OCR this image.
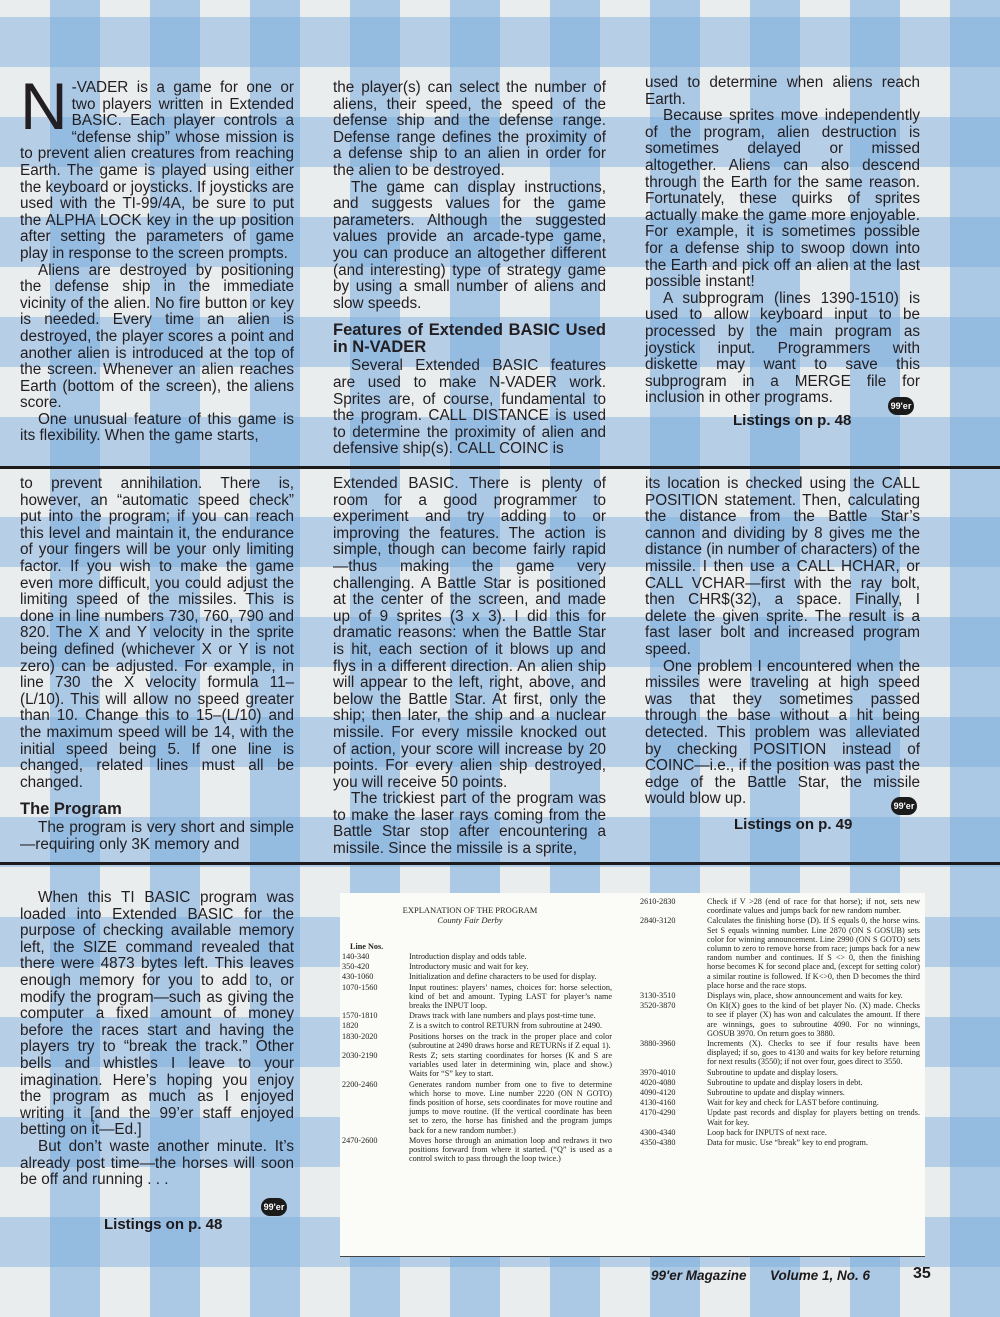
N -VADER is a game for one or two players written in Extended BASIC. Each player controls a “defense ship” whose mission is to prevent alien creatures from reaching Earth. The game is played using either the keyboard or joysticks. If joysticks are used with the TI-99/4A, be sure to put the ALPHA LOCK key in the up position after setting the parameters of game play in response to the screen prompts.

Aliens are destroyed by positioning the defense ship in the immediate vicinity of the alien. No fire button or key is needed. Every time an alien is destroyed, the player scores a point and another alien is introduced at the top of the screen. Whenever an alien reaches Earth (bottom of the screen), the aliens score.

One unusual feature of this game is its flexibility. When the game starts,

the player(s) can select the number of aliens, their speed, the speed of the defense ship and the defense range. Defense range defines the proximity of a defense ship to an alien in order for the alien to be destroyed.

The game can display instructions, and suggests values for the game parameters. Although the suggested values provide an arcade-type game, you can produce an altogether different (and interesting) type of strategy game by using a small number of aliens and slow speeds.

Features of Extended BASIC Used in N-VADER

Several Extended BASIC features are used to make N-VADER work. Sprites are, of course, fundamental to the program. CALL DISTANCE is used to determine the proximity of alien and defensive ship(s). CALL COINC is

used to determine when aliens reach Earth.

Because sprites move independently of the program, alien destruction is sometimes delayed or missed altogether. Aliens can also descend through the Earth for the same reason. Fortunately, these quirks of sprites actually make the game more enjoyable. For example, it is sometimes possible for a defense ship to swoop down into the Earth and pick off an alien at the last possible instant!

A subprogram (lines 1390-1510) is used to allow keyboard input to be processed by the main program as joystick input. Programmers with diskette may want to save this subprogram in a MERGE file for inclusion in other programs.	99'er
Listings on p. 48

to prevent annihilation. There is, however, an “automatic speed check” put into the program; if you can reach this level and maintain it, the endurance of your fingers will be your only limiting factor. If you wish to make the game even more difficult, you could adjust the limiting speed of the missiles. This is done in line numbers 730, 760, 790 and 820. The X and Y velocity in the sprite being defined (whichever X or Y is not zero) can be adjusted. For example, in line 730 the X velocity formula 11–(L/10). This will allow no speed greater than 10. Change this to 15–(L/10) and the maximum speed will be 14, with the initial speed being 5. If one line is changed, related lines must all be changed.

The Program

The program is very short and simple —requiring only 3K memory and

Extended BASIC. There is plenty of room for a good programmer to experiment and try adding to or improving the features. The action is simple, though can become fairly rapid—thus making the game very challenging. A Battle Star is positioned at the center of the screen, and made up of 9 sprites (3 x 3). I did this for dramatic reasons: when the Battle Star is hit, each section of it blows up and flys in a different direction. An alien ship will appear to the left, right, above, and below the Battle Star. At first, only the ship; then later, the ship and a nuclear missile. For every missile knocked out of action, your score will increase by 20 points. For every alien ship destroyed, you will receive 50 points.

The trickiest part of the program was to make the laser rays coming from the Battle Star stop after encountering a missile. Since the missile is a sprite,

its location is checked using the CALL POSITION statement. Then, calculating the distance from the Battle Star’s cannon and dividing by 8 gives me the distance (in number of characters) of the missile. I then use a CALL HCHAR, or CALL VCHAR—first with the ray bolt, then CHR$(32), a space. Finally, I delete the given sprite. The result is a fast laser bolt and increased program speed.

One problem I encountered when the missiles were traveling at high speed was that they sometimes passed through the base without a hit being detected. This problem was alleviated by checking POSITION instead of COINC—i.e., if the position was past the edge of the Battle Star, the missile would blow up.	99'er
Listings on p. 49

When this TI BASIC program was loaded into Extended BASIC for the purpose of checking available memory left, the SIZE command revealed that there were 4873 bytes left. This leaves enough memory for you to add to, or modify the program—such as giving the computer a fixed amount of money before the races start and having the players try to “break the track.” Other bells and whistles I leave to your imagination. Here’s hoping you enjoy the program as much as I enjoyed writing it [and the 99’er staff enjoyed betting on it—Ed.]

But don’t waste another minute. It’s already post time—the horses will soon be off and running . . .

99'er
Listings on p. 48
EXPLANATION OF THE PROGRAM
County Fair Derby
Line Nos.
140-340	Introduction display and odds table.
350-420	Introductory music and wait for key.
430-1060	Initialization and define characters to be used for display.
1070-1560	Input routines: players’ names, choices for: horse selection, kind of bet and amount. Typing LAST for player’s name breaks the INPUT loop.
1570-1810	Draws track with lane numbers and plays post-time tune.
1820	Z is a switch to control RETURN from subroutine at 2490.
1830-2020	Positions horses on the track in the proper place and color (subroutine at 2490 draws horse and RETURNs if Z equal 1).
2030-2190	Rests Z; sets starting coordinates for horses (K and S are variables used later in determining win, place and show.) Waits for “S” key to start.
2200-2460	Generates random number from one to five to determine which horse to move. Line number 2220 (ON N GOTO) finds position of horse, sets coordinates for move routine and jumps to move routine. (If the vertical coordinate has been set to zero, the horse has finished and the program jumps back for a new random number.)
2470-2600	Moves horse through an animation loop and redraws it two positions forward from where it started. (“Q” is used as a control switch to pass through the loop twice.)
2610-2830	Check if V >28 (end of race for that horse); if not, sets new coordinate values and jumps back for new random number.
2840-3120	Calculates the finishing horse (D). If S equals 0, the horse wins. Set S equals winning number. Line 2870 (ON S GOSUB) sets color for winning announcement. Line 2990 (ON S GOTO) sets column to zero to remove horse from race; jumps back for a new random number and continues. If S <> 0, then the finishing horse becomes K for second place and, (except for setting color) a similar routine is followed. If K<>0, then D becomes the third place horse and the race stops.
3130-3510	Displays win, place, show announcement and waits for key.
3520-3870	On KI(X) goes to the kind of bet player No. (X) made. Checks to see if player (X) has won and calculates the amount. If there are winnings, goes to subroutine 4090. For no winnings, GOSUB 3970. On return goes to 3880.
3880-3960	Increments (X). Checks to see if four results have been displayed; if so, goes to 4130 and waits for key before returning for next results (3550); if not over four, goes direct to 3550.
3970-4010	Subroutine to update and display losers.
4020-4080	Subroutine to update and display losers in debt.
4090-4120	Subroutine to update and display winners.
4130-4160	Wait for key and check for LAST before continuing.
4170-4290	Update past records and display for players betting on trends. Wait for key.
4300-4340	Loop back for INPUTS of next race.
4350-4380	Data for music. Use “break” key to end program.
99'er Magazine Volume 1, No. 6	35
